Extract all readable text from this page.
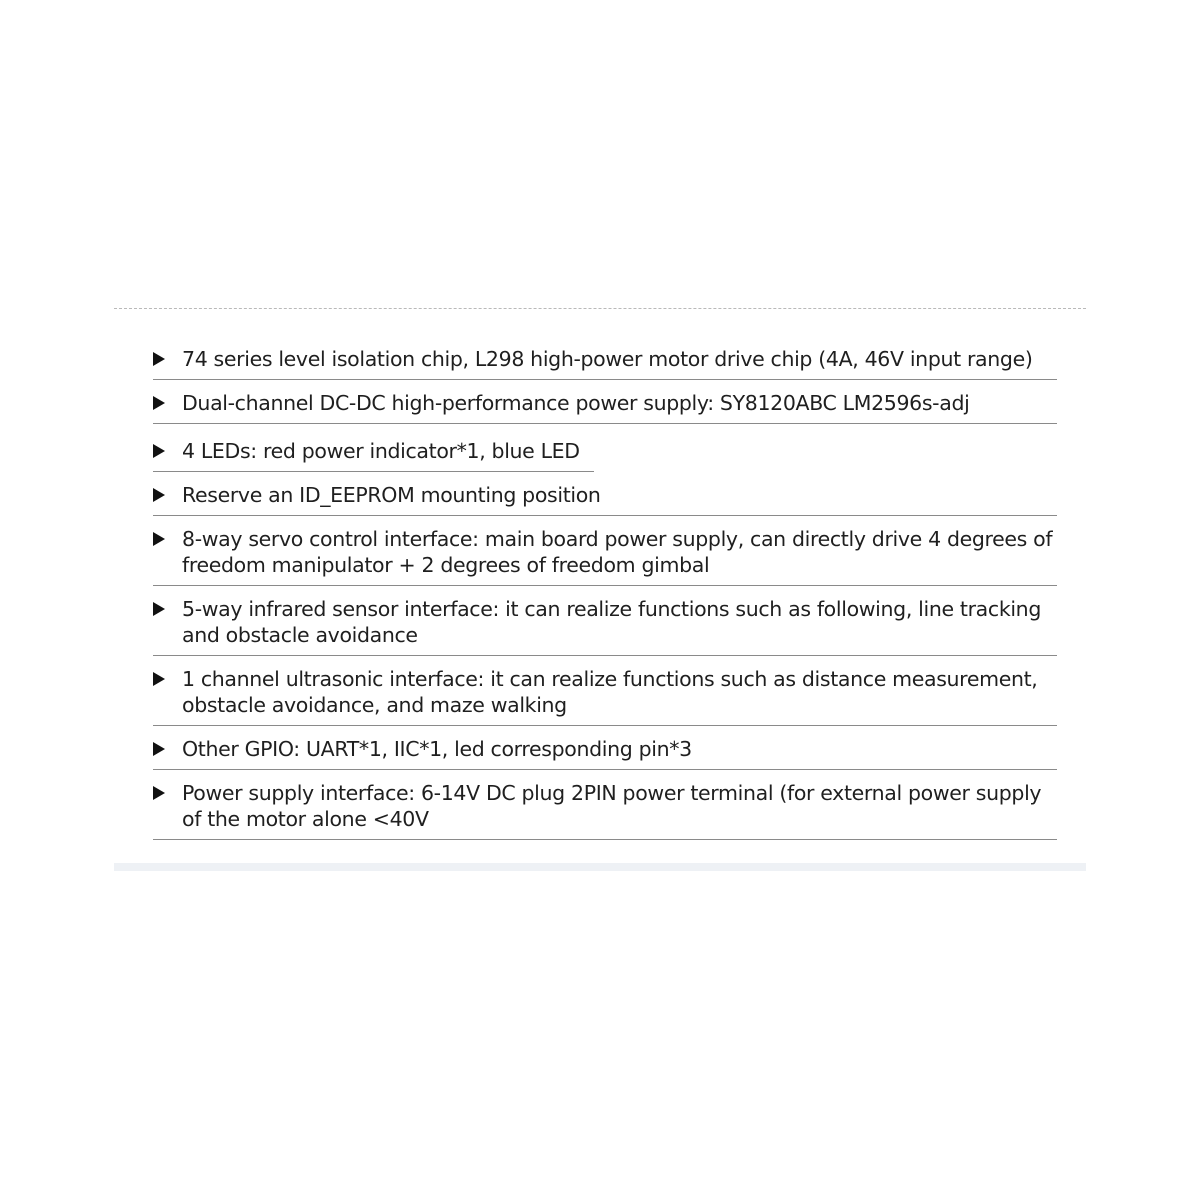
74 series level isolation chip, L298 high-power motor drive chip (4A, 46V input range)
Dual-channel DC-DC high-performance power supply: SY8120ABC LM2596s-adj
4 LEDs: red power indicator*1, blue LED
Reserve an ID_EEPROM mounting position
8-way servo control interface: main board power supply, can directly drive 4 degrees of freedom manipulator + 2 degrees of freedom gimbal
5-way infrared sensor interface: it can realize functions such as following, line tracking and obstacle avoidance
1 channel ultrasonic interface: it can realize functions such as distance measurement, obstacle avoidance, and maze walking
Other GPIO: UART*1, IIC*1, led corresponding pin*3
Power supply interface: 6-14V DC plug 2PIN power terminal (for external power supply of the motor alone <40V
